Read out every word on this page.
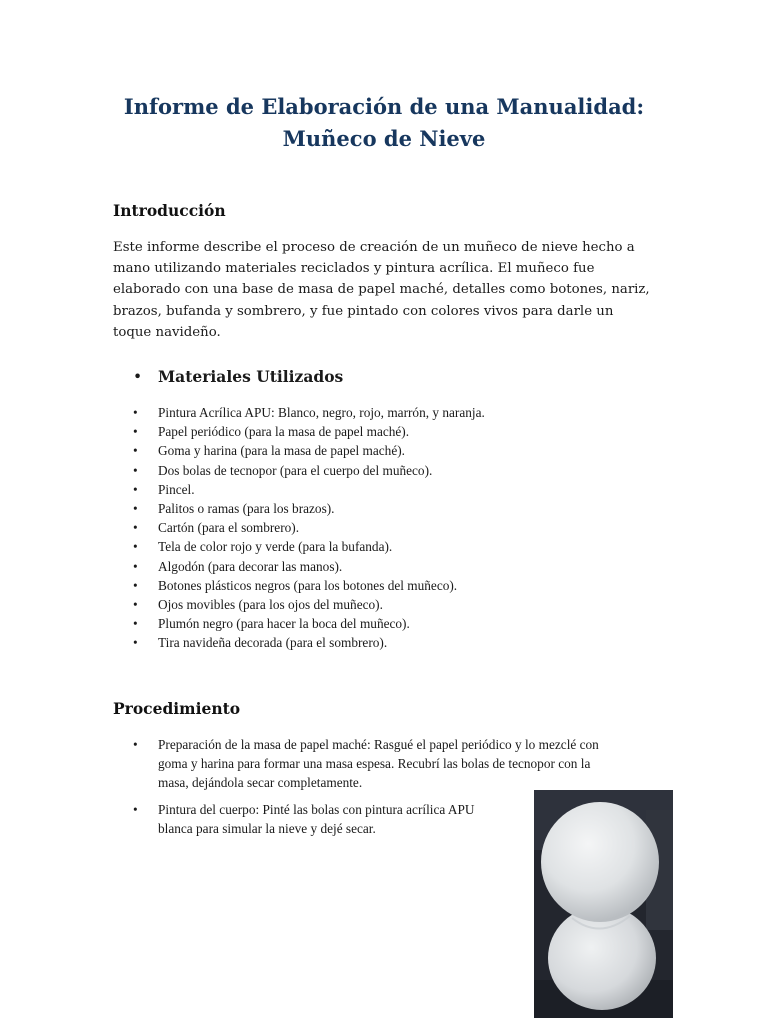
Informe de Elaboración de una Manualidad: Muñeco de Nieve
Introducción

Este informe describe el proceso de creación de un muñeco de nieve hecho a mano utilizando materiales reciclados y pintura acrílica. El muñeco fue elaborado con una base de masa de papel maché, detalles como botones, nariz, brazos, bufanda y sombrero, y fue pintado con colores vivos para darle un toque navideño.

•	Materiales Utilizados
•	Pintura Acrílica APU: Blanco, negro, rojo, marrón, y naranja.
•	Papel periódico (para la masa de papel maché).
•	Goma y harina (para la masa de papel maché).
•	Dos bolas de tecnopor (para el cuerpo del muñeco).
•	Pincel.
•	Palitos o ramas (para los brazos).
•	Cartón (para el sombrero).
•	Tela de color rojo y verde (para la bufanda).
•	Algodón (para decorar las manos).
•	Botones plásticos negros (para los botones del muñeco).
•	Ojos movibles (para los ojos del muñeco).
•	Plumón negro (para hacer la boca del muñeco).
•	Tira navideña decorada (para el sombrero).
Procedimiento
•	Preparación de la masa de papel maché: Rasgué el papel periódico y lo mezclé con
goma y harina para formar una masa espesa. Recubrí las bolas de tecnopor con la
masa, dejándola secar completamente.
•	Pintura del cuerpo: Pinté las bolas con pintura acrílica APU
blanca para simular la nieve y dejé secar.
